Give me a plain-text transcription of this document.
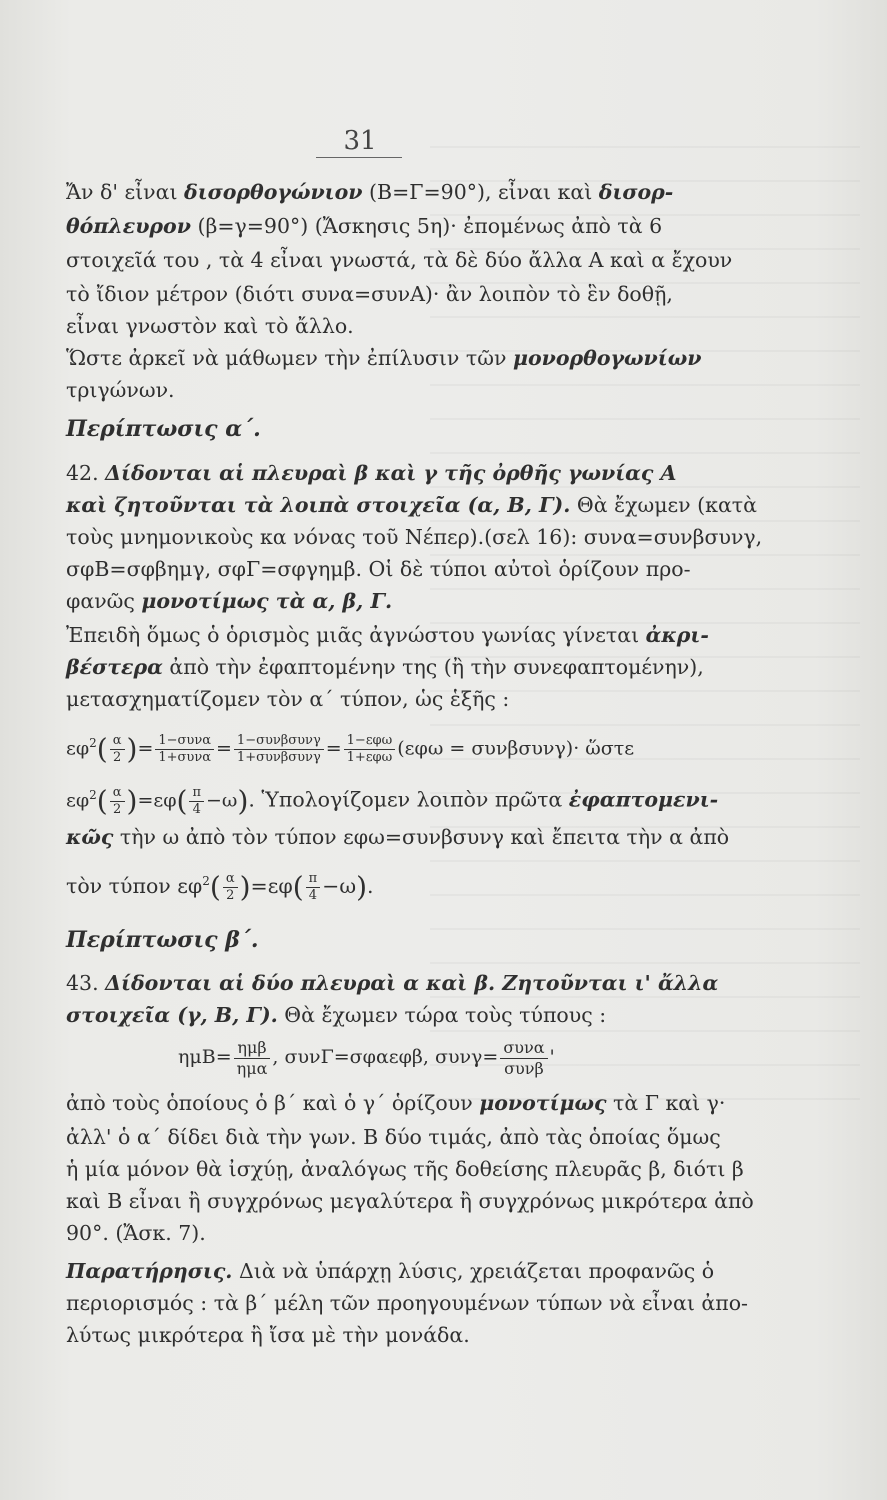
31
Ἄν δ' εἶναι δισορθογώνιον (Β=Γ=90°), εἶναι καὶ δισορ-
θόπλευρον (β=γ=90°) (Ἄσκησις 5η)· ἐπομένως ἀπὸ τὰ 6
στοιχεῖά του , τὰ 4 εἶναι γνωστά, τὰ δὲ δύο ἄλλα Α καὶ α ἔχουν
τὸ ἴδιον μέτρον (διότι συνα=συνΑ)· ἂν λοιπὸν τὸ ἓν δοθῇ,
εἶναι γνωστὸν καὶ τὸ ἄλλο.
Ὥστε ἀρκεῖ νὰ μάθωμεν τὴν ἐπίλυσιν τῶν μονορθογωνίων
τριγώνων.
Περίπτωσις α΄.
42. Δίδονται αἱ πλευραὶ β καὶ γ τῆς ὀρθῆς γωνίας Α
καὶ ζητοῦνται τὰ λοιπὰ στοιχεῖα (α, Β, Γ). Θὰ ἔχωμεν (κατὰ
τοὺς μνημονικοὺς κα νόνας τοῦ Νέπερ).(σελ 16): συνα=συνβσυνγ,
σφΒ=σφβημγ, σφΓ=σφγημβ. Οἱ δὲ τύποι αὐτοὶ ὁρίζουν προ-
φανῶς μονοτίμως τὰ α, β, Γ.
Ἐπειδὴ ὅμως ὁ ὁρισμὸς μιᾶς ἀγνώστου γωνίας γίνεται ἀκρι-
βέστερα ἀπὸ τὴν ἐφαπτομένην της (ἢ τὴν συνεφαπτομένην),
μετασχηματίζομεν τὸν α΄ τύπον, ὡς ἑξῆς :
$\varepsilon\varphi^2( \frac{\alpha}{2}$ )= $\frac{\text{1−συνα}}{\text{1+συνα}} = \frac{\text{1−συνβσυνγ}}{\text{1+συνβσυνγ}} = \frac{\text{1−εφω}}{\text{1+εφω}} (\varepsilon\varphi\omega = \sigma\upsilon\nu\beta\sigma\upsilon\nu\gamma)\cdot$ ὥστε
$\varepsilon\varphi^2( \frac{\alpha}{2} )=\varepsilon\varphi( \frac{\pi}{4} -\omega)$. Ὑπολογίζομεν λοιπὸν πρῶτα ἐφαπτομενι-
κῶς τὴν ω ἀπὸ τὸν τύπον εφω=συνβσυνγ καὶ ἔπειτα τὴν α ἀπὸ
τὸν τύπον $\varepsilon\varphi^2( \frac{\alpha}{2} )=\varepsilon\varphi( \frac{\pi}{4} -\omega)$.
Περίπτωσις β΄.
43. Δίδονται αἱ δύο πλευραὶ α καὶ β. Ζητοῦνται ι' ἄλλα
στοιχεῖα (γ, Β, Γ). Θὰ ἔχωμεν τώρα τοὺς τύπους :
$\eta\mu B= \frac{\text{ημβ}}{\text{ημα}}$ , συνΓ=σφαεφβ, $\sigma\upsilon\nu\gamma= \frac{\text{συνα}}{\text{συνβ}}$ '
ἀπὸ τοὺς ὁποίους ὁ β΄ καὶ ὁ γ΄ ὁρίζουν μονοτίμως τὰ Γ καὶ γ·
ἀλλ' ὁ α΄ δίδει διὰ τὴν γων. Β δύο τιμάς, ἀπὸ τὰς ὁποίας ὅμως
ἡ μία μόνον θὰ ἰσχύῃ, ἀναλόγως τῆς δοθείσης πλευρᾶς β, διότι β
καὶ Β εἶναι ἢ συγχρόνως μεγαλύτερα ἢ συγχρόνως μικρότερα ἀπὸ
90°. (Ἄσκ. 7).
Παρατήρησις. Διὰ νὰ ὑπάρχῃ λύσις, χρειάζεται προφανῶς ὁ
περιορισμός : τὰ β΄ μέλη τῶν προηγουμένων τύπων νὰ εἶναι ἀπο-
λύτως μικρότερα ἢ ἴσα μὲ τὴν μονάδα.
